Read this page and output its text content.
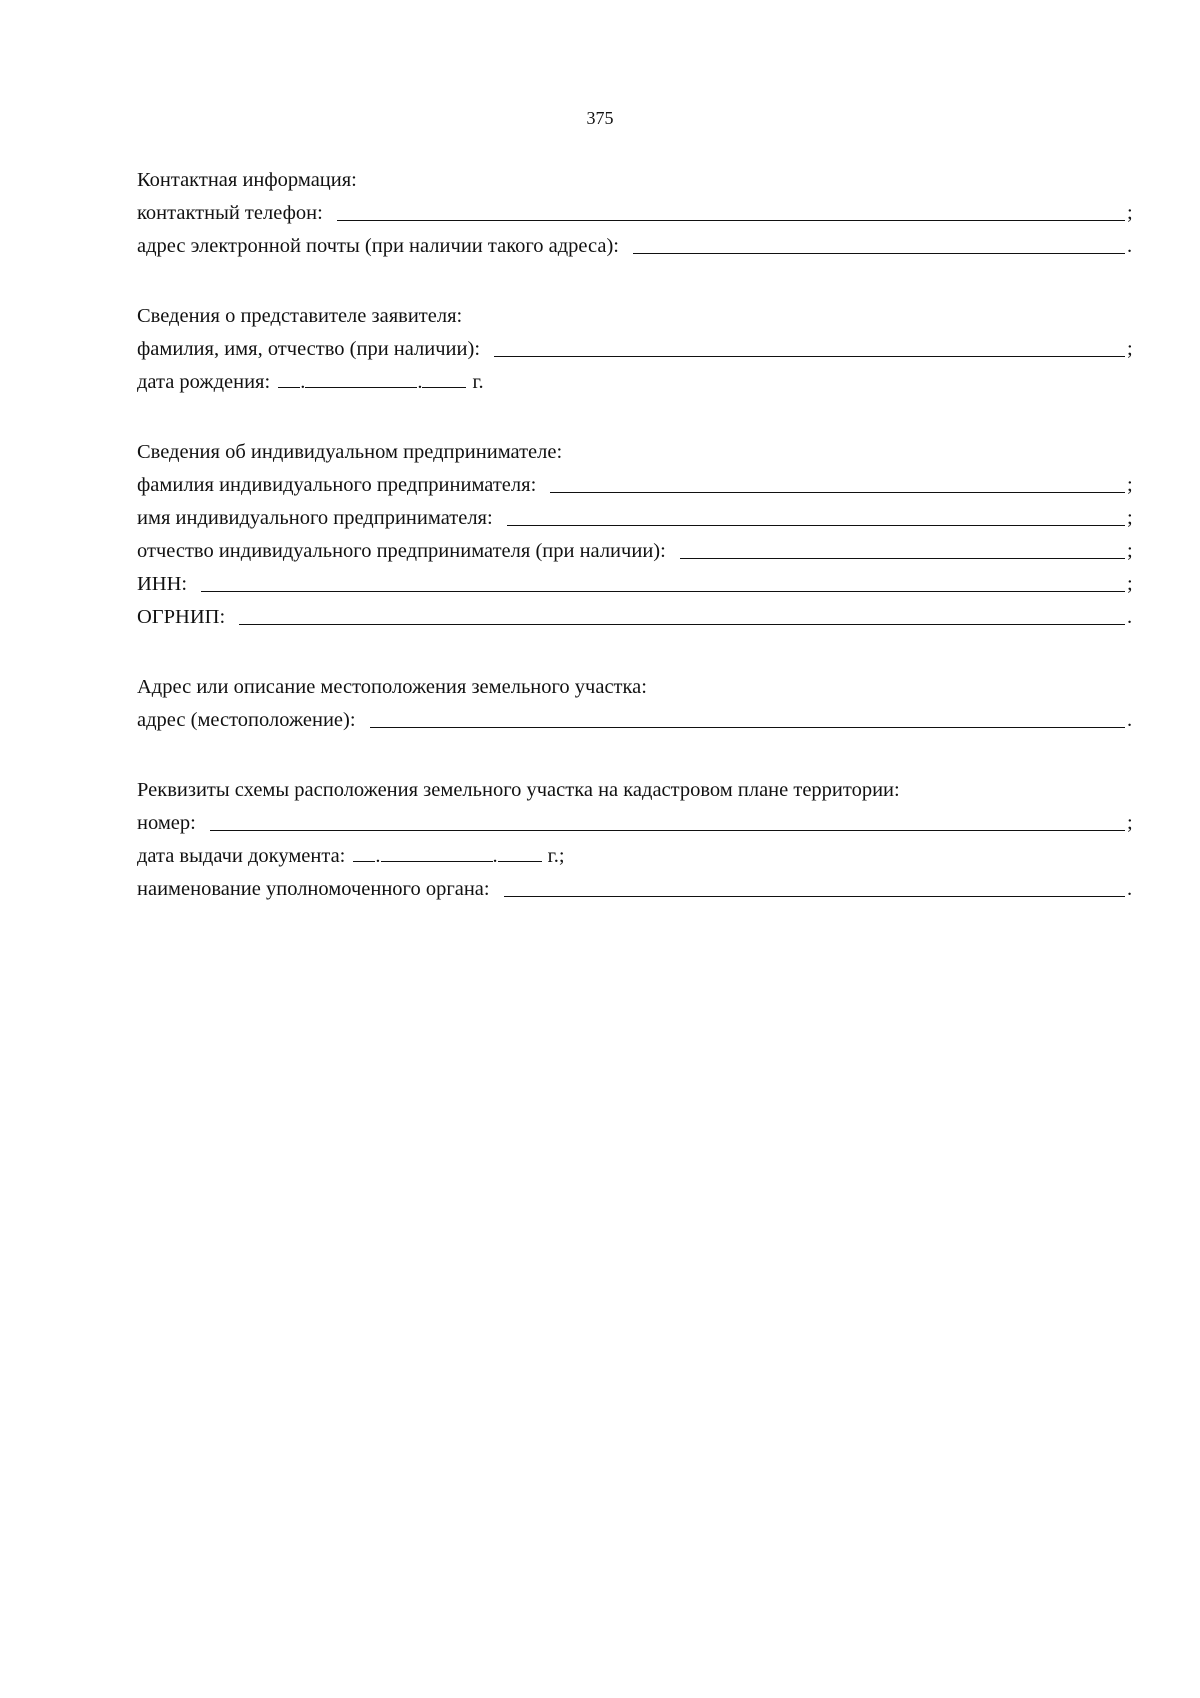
375
Контактная информация:
контактный телефон:	;
адрес электронной почты (при наличии такого адреса):	.
Сведения о представителе заявителя:
фамилия, имя, отчество (при наличии):	;
дата рождения: .	. г.
Сведения об индивидуальном предпринимателе:
фамилия индивидуального предпринимателя:	;
имя индивидуального предпринимателя:	;
отчество индивидуального предпринимателя (при наличии):	;
ИНН:	;
ОГРНИП:	.
Адрес или описание местоположения земельного участка:
адрес (местоположение):	.
Реквизиты схемы расположения земельного участка на кадастровом плане территории:
номер:	;
дата выдачи документа: .	. г.;
наименование уполномоченного органа:	.
